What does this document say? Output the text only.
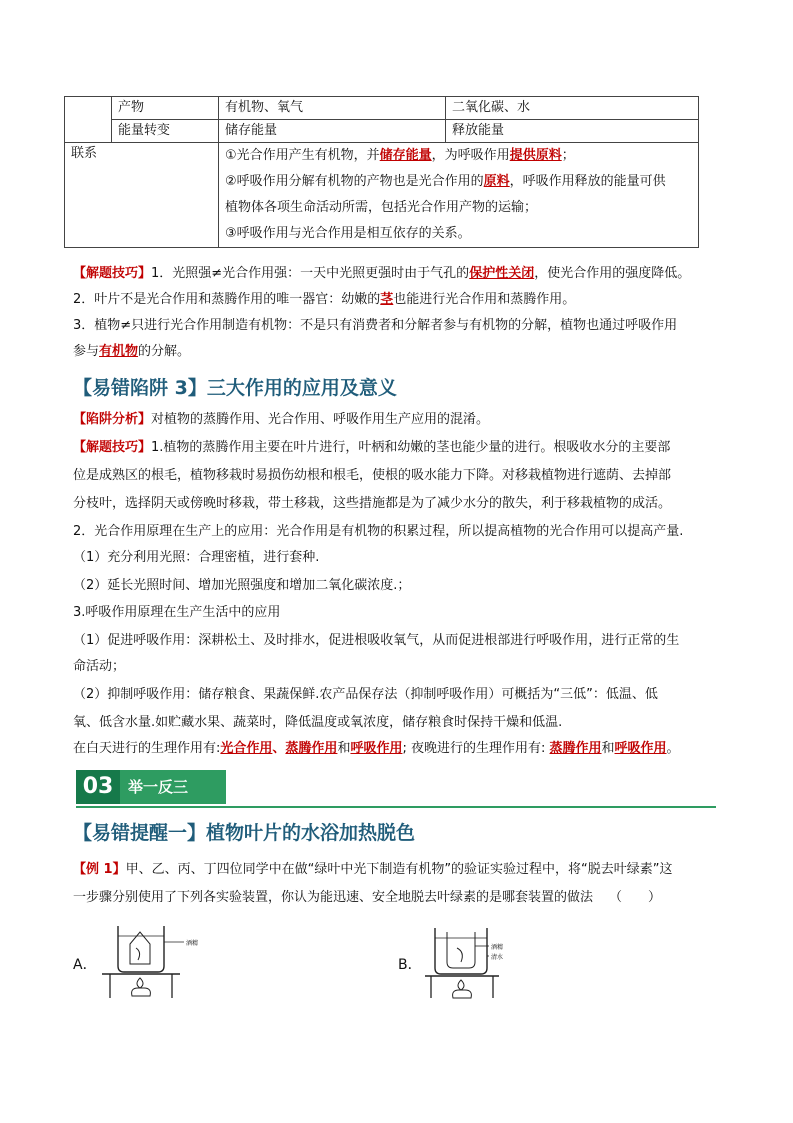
	产物	有机物、氧气	二氧化碳、水
	能量转变	储存能量	释放能量
联系		①光合作用产生有机物，并储存能量，为呼吸作用提供原料；
②呼吸作用分解有机物的产物也是光合作用的原料，呼吸作用释放的能量可供
植物体各项生命活动所需，包括光合作用产物的运输；
③呼吸作用与光合作用是相互依存的关系。	
【解题技巧】1．光照强≠光合作用强：一天中光照更强时由于气孔的保护性关闭，使光合作用的强度降低。
2．叶片不是光合作用和蒸腾作用的唯一器官：幼嫩的茎也能进行光合作用和蒸腾作用。
3．植物≠只进行光合作用制造有机物：不是只有消费者和分解者参与有机物的分解，植物也通过呼吸作用
参与有机物的分解。
【易错陷阱 3】三大作用的应用及意义
【陷阱分析】对植物的蒸腾作用、光合作用、呼吸作用生产应用的混淆。
【解题技巧】1.植物的蒸腾作用主要在叶片进行，叶柄和幼嫩的茎也能少量的进行。根吸收水分的主要部
位是成熟区的根毛，植物移栽时易损伤幼根和根毛，使根的吸水能力下降。对移栽植物进行遮荫、去掉部
分枝叶，选择阴天或傍晚时移栽，带土移栽，这些措施都是为了减少水分的散失，利于移栽植物的成活。
2．光合作用原理在生产上的应用：光合作用是有机物的积累过程，所以提高植物的光合作用可以提高产量.
（1）充分利用光照：合理密植，进行套种.
（2）延长光照时间、增加光照强度和增加二氧化碳浓度.；
3.呼吸作用原理在生产生活中的应用
（1）促进呼吸作用：深耕松土、及时排水，促进根吸收氧气，从而促进根部进行呼吸作用，进行正常的生
命活动；
（2）抑制呼吸作用：储存粮食、果蔬保鲜.农产品保存法（抑制呼吸作用）可概括为“三低”：低温、低
氧、低含水量.如贮藏水果、蔬菜时，降低温度或氧浓度，储存粮食时保持干燥和低温.
在白天进行的生理作用有:光合作用、蒸腾作用和呼吸作用; 夜晚进行的生理作用有: 蒸腾作用和呼吸作用。
03 举一反三
【易错提醒一】植物叶片的水浴加热脱色
【例 1】甲、乙、丙、丁四位同学中在做“绿叶中光下制造有机物”的验证实验过程中，将“脱去叶绿素”这
一步骤分别使用了下列各实验装置，你认为能迅速、安全地脱去叶绿素的是哪套装置的做法 （　　）
A．
酒精
B．
酒精
清水
